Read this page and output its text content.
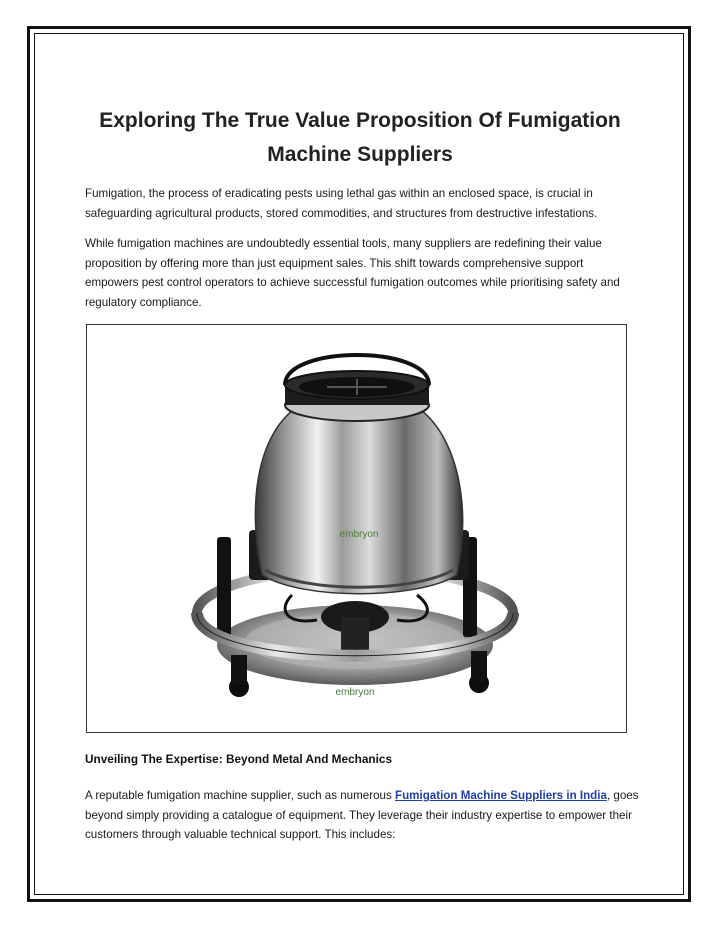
Exploring The True Value Proposition Of Fumigation Machine Suppliers

Fumigation, the process of eradicating pests using lethal gas within an enclosed space, is crucial in safeguarding agricultural products, stored commodities, and structures from destructive infestations.

While fumigation machines are undoubtedly essential tools, many suppliers are redefining their value proposition by offering more than just equipment sales. This shift towards comprehensive support empowers pest control operators to achieve successful fumigation outcomes while prioritising safety and regulatory compliance.

embryon
embryon
Unveiling The Expertise: Beyond Metal And Mechanics

A reputable fumigation machine supplier, such as numerous Fumigation Machine Suppliers in India, goes beyond simply providing a catalogue of equipment. They leverage their industry expertise to empower their customers through valuable technical support. This includes:
